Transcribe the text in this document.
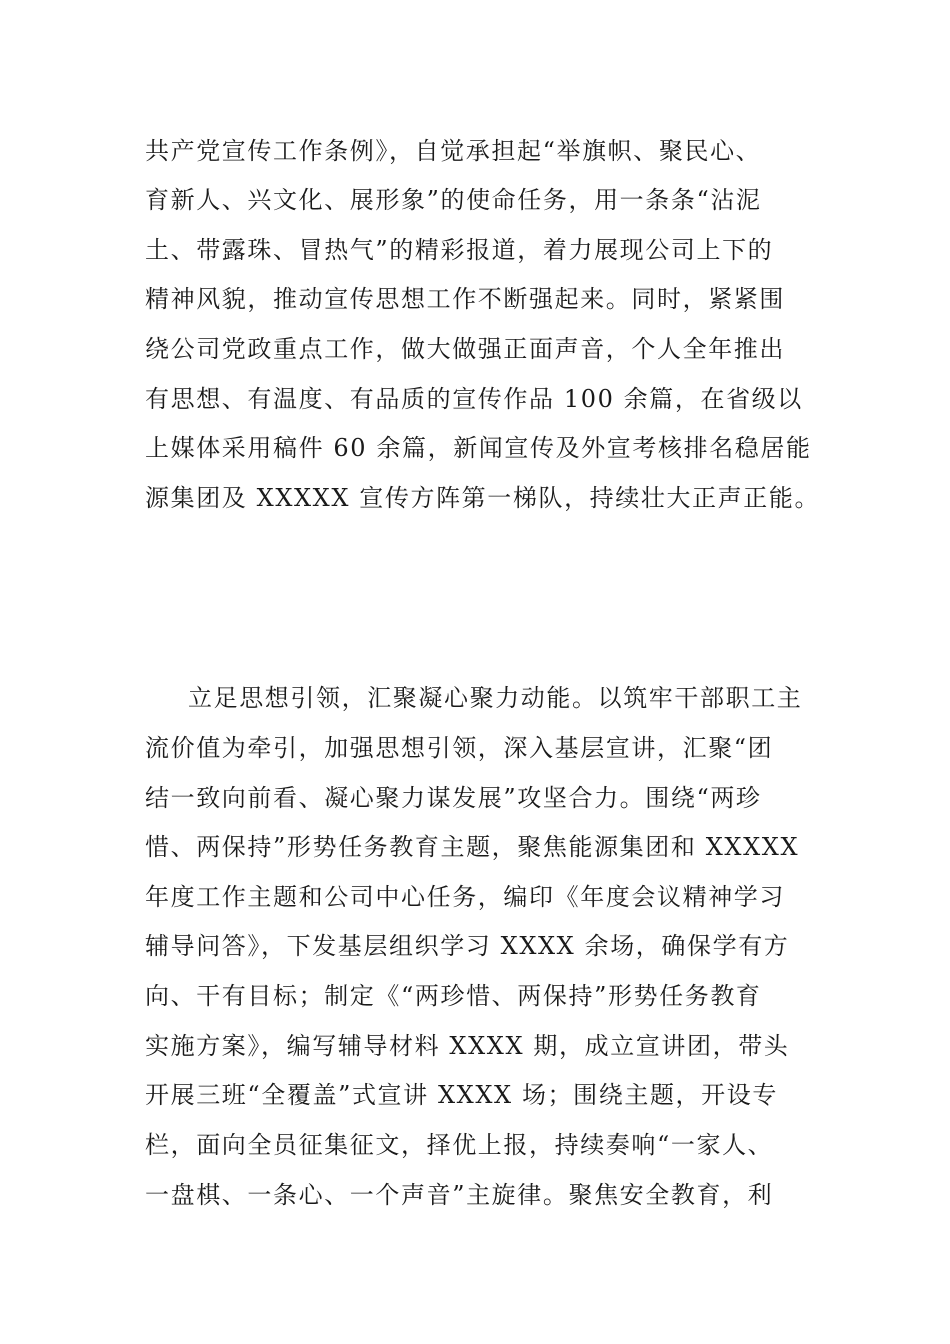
共产党宣传工作条例》，自觉承担起“举旗帜、聚民心、
育新人、兴文化、展形象”的使命任务，用一条条“沾泥
土、带露珠、冒热气”的精彩报道，着力展现公司上下的
精神风貌，推动宣传思想工作不断强起来。同时，紧紧围
绕公司党政重点工作，做大做强正面声音，个人全年推出
有思想、有温度、有品质的宣传作品 100 余篇，在省级以
上媒体采用稿件 60 余篇，新闻宣传及外宣考核排名稳居能
源集团及 XXXXX 宣传方阵第一梯队，持续壮大正声正能。
立足思想引领，汇聚凝心聚力动能。以筑牢干部职工主
流价值为牵引，加强思想引领，深入基层宣讲，汇聚“团
结一致向前看、凝心聚力谋发展”攻坚合力。围绕“两珍
惜、两保持”形势任务教育主题，聚焦能源集团和 XXXXX
年度工作主题和公司中心任务，编印《年度会议精神学习
辅导问答》，下发基层组织学习 XXXX 余场，确保学有方
向、干有目标；制定《“两珍惜、两保持”形势任务教育
实施方案》，编写辅导材料 XXXX 期，成立宣讲团，带头
开展三班“全覆盖”式宣讲 XXXX 场；围绕主题，开设专
栏，面向全员征集征文，择优上报，持续奏响“一家人、
一盘棋、一条心、一个声音”主旋律。聚焦安全教育，利
